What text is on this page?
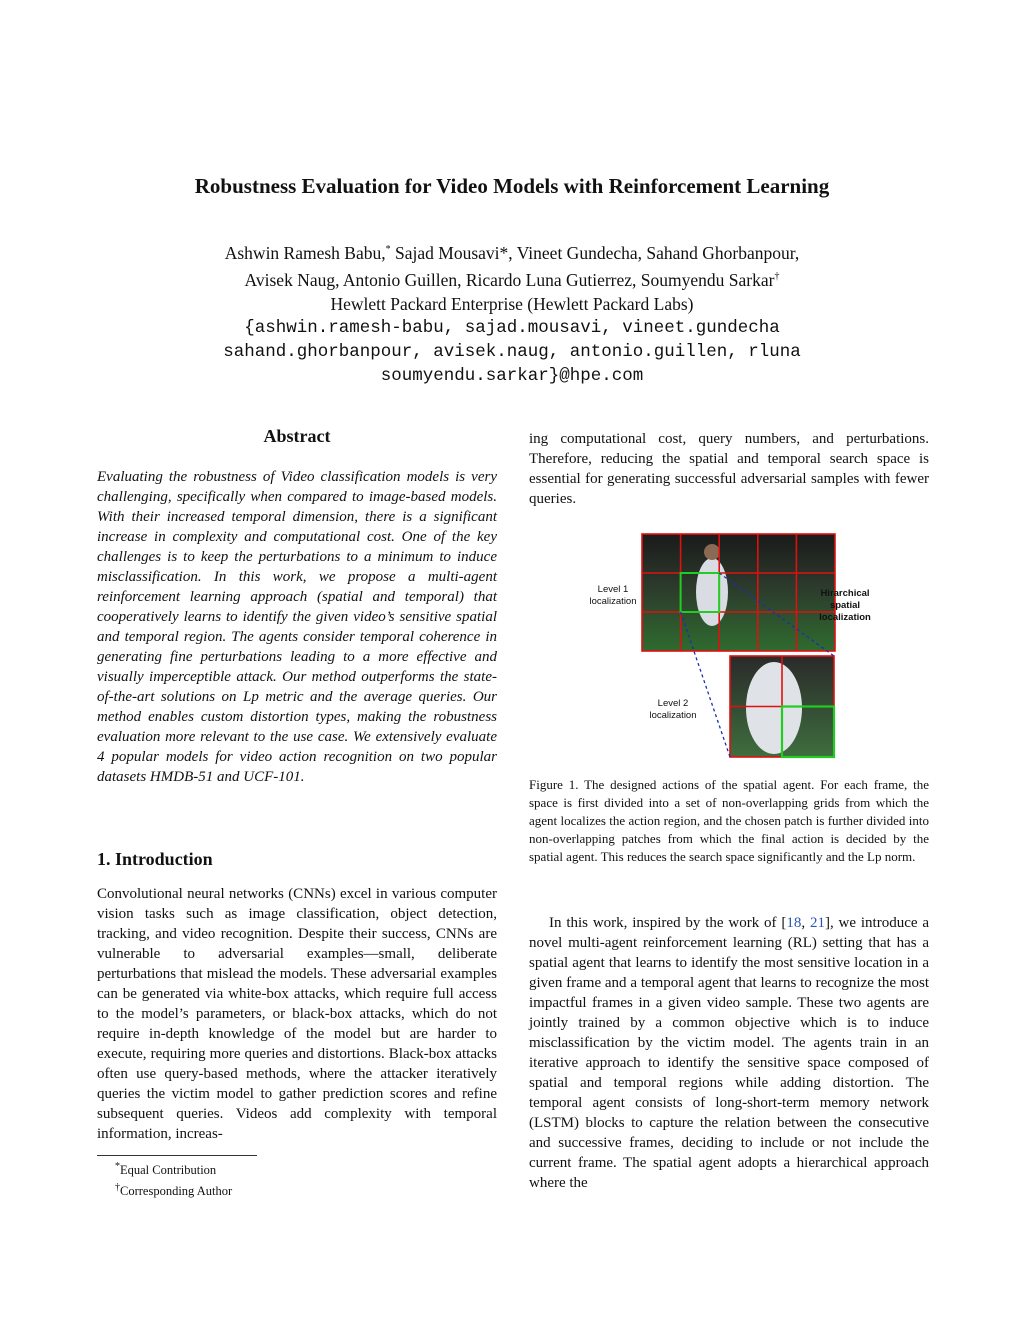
Robustness Evaluation for Video Models with Reinforcement Learning
Ashwin Ramesh Babu,* Sajad Mousavi*, Vineet Gundecha, Sahand Ghorbanpour,
Avisek Naug, Antonio Guillen, Ricardo Luna Gutierrez, Soumyendu Sarkar†
Hewlett Packard Enterprise (Hewlett Packard Labs)
{ashwin.ramesh-babu, sajad.mousavi, vineet.gundecha
sahand.ghorbanpour, avisek.naug, antonio.guillen, rluna
soumyendu.sarkar}@hpe.com
Abstract
Evaluating the robustness of Video classification models is very challenging, specifically when compared to image-based models. With their increased temporal dimension, there is a significant increase in complexity and computational cost. One of the key challenges is to keep the perturbations to a minimum to induce misclassification. In this work, we propose a multi-agent reinforcement learning approach (spatial and temporal) that cooperatively learns to identify the given video’s sensitive spatial and temporal region. The agents consider temporal coherence in generating fine perturbations leading to a more effective and visually imperceptible attack. Our method outperforms the state-of-the-art solutions on Lp metric and the average queries. Our method enables custom distortion types, making the robustness evaluation more relevant to the use case. We extensively evaluate 4 popular models for video action recognition on two popular datasets HMDB-51 and UCF-101.
1. Introduction
Convolutional neural networks (CNNs) excel in various computer vision tasks such as image classification, object detection, tracking, and video recognition. Despite their success, CNNs are vulnerable to adversarial examples—small, deliberate perturbations that mislead the models. These adversarial examples can be generated via white-box attacks, which require full access to the model’s parameters, or black-box attacks, which do not require in-depth knowledge of the model but are harder to execute, requiring more queries and distortions. Black-box attacks often use query-based methods, where the attacker iteratively queries the victim model to gather prediction scores and refine subsequent queries. Videos add complexity with temporal information, increas-
*Equal Contribution
†Corresponding Author
ing computational cost, query numbers, and perturbations. Therefore, reducing the spatial and temporal search space is essential for generating successful adversarial samples with fewer queries.
Level 1 localization
Hirarchical spatial localization
Level 2 localization
Figure 1. The designed actions of the spatial agent. For each frame, the space is first divided into a set of non-overlapping grids from which the agent localizes the action region, and the chosen patch is further divided into non-overlapping patches from which the final action is decided by the spatial agent. This reduces the search space significantly and the Lp norm.
In this work, inspired by the work of [18, 21], we introduce a novel multi-agent reinforcement learning (RL) setting that has a spatial agent that learns to identify the most sensitive location in a given frame and a temporal agent that learns to recognize the most impactful frames in a given video sample. These two agents are jointly trained by a common objective which is to induce misclassification by the victim model. The agents train in an iterative approach to identify the sensitive space composed of spatial and temporal regions while adding distortion. The temporal agent consists of long-short-term memory network (LSTM) blocks to capture the relation between the consecutive and successive frames, deciding to include or not include the current frame. The spatial agent adopts a hierarchical approach where the
